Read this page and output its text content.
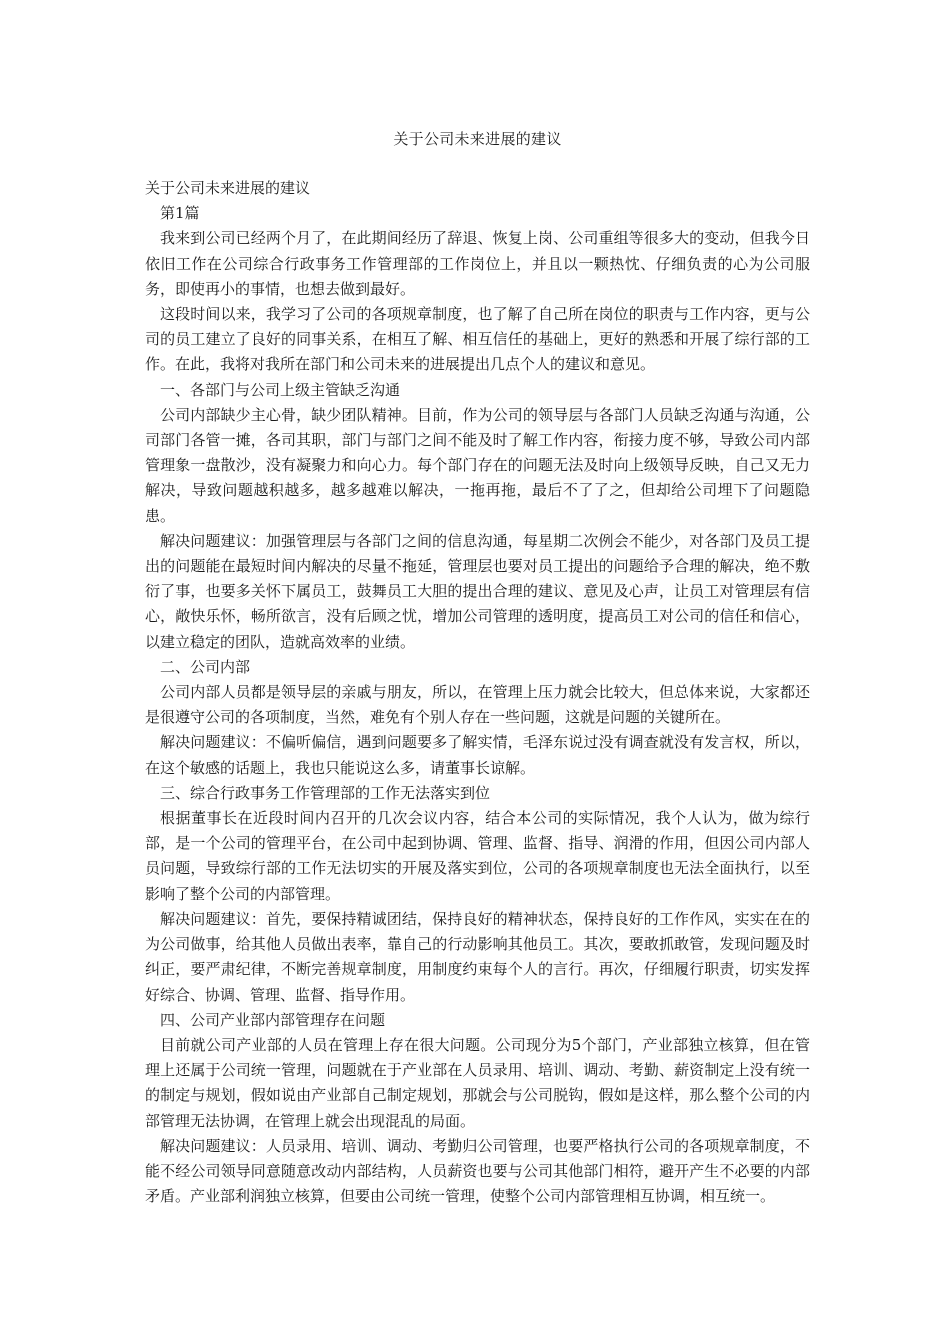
关于公司未来进展的建议

关于公司未来进展的建议

第1篇

我来到公司已经两个月了，在此期间经历了辞退、恢复上岗、公司重组等很多大的变动，但我今日依旧工作在公司综合行政事务工作管理部的工作岗位上，并且以一颗热忱、仔细负责的心为公司服务，即使再小的事情，也想去做到最好。

这段时间以来，我学习了公司的各项规章制度，也了解了自己所在岗位的职责与工作内容，更与公司的员工建立了良好的同事关系，在相互了解、相互信任的基础上，更好的熟悉和开展了综行部的工作。在此，我将对我所在部门和公司未来的进展提出几点个人的建议和意见。

一、各部门与公司上级主管缺乏沟通

公司内部缺少主心骨，缺少团队精神。目前，作为公司的领导层与各部门人员缺乏沟通与沟通，公司部门各管一摊，各司其职，部门与部门之间不能及时了解工作内容，衔接力度不够，导致公司内部管理象一盘散沙，没有凝聚力和向心力。每个部门存在的问题无法及时向上级领导反映，自己又无力解决，导致问题越积越多，越多越难以解决，一拖再拖，最后不了了之，但却给公司埋下了问题隐患。

解决问题建议：加强管理层与各部门之间的信息沟通，每星期二次例会不能少，对各部门及员工提出的问题能在最短时间内解决的尽量不拖延，管理层也要对员工提出的问题给予合理的解决，绝不敷衍了事，也要多关怀下属员工，鼓舞员工大胆的提出合理的建议、意见及心声，让员工对管理层有信心，敞快乐怀，畅所欲言，没有后顾之忧，增加公司管理的透明度，提高员工对公司的信任和信心，以建立稳定的团队，造就高效率的业绩。

二、公司内部

公司内部人员都是领导层的亲戚与朋友，所以，在管理上压力就会比较大，但总体来说，大家都还是很遵守公司的各项制度，当然，难免有个别人存在一些问题，这就是问题的关键所在。

解决问题建议：不偏听偏信，遇到问题要多了解实情，毛泽东说过没有调查就没有发言权，所以，在这个敏感的话题上，我也只能说这么多，请董事长谅解。

三、综合行政事务工作管理部的工作无法落实到位

根据董事长在近段时间内召开的几次会议内容，结合本公司的实际情况，我个人认为，做为综行部，是一个公司的管理平台，在公司中起到协调、管理、监督、指导、润滑的作用，但因公司内部人员问题，导致综行部的工作无法切实的开展及落实到位，公司的各项规章制度也无法全面执行，以至影响了整个公司的内部管理。

解决问题建议：首先，要保持精诚团结，保持良好的精神状态，保持良好的工作作风，实实在在的为公司做事，给其他人员做出表率，靠自己的行动影响其他员工。其次，要敢抓敢管，发现问题及时纠正，要严肃纪律，不断完善规章制度，用制度约束每个人的言行。再次，仔细履行职责，切实发挥好综合、协调、管理、监督、指导作用。

四、公司产业部内部管理存在问题

目前就公司产业部的人员在管理上存在很大问题。公司现分为5个部门，产业部独立核算，但在管理上还属于公司统一管理，问题就在于产业部在人员录用、培训、调动、考勤、薪资制定上没有统一的制定与规划，假如说由产业部自己制定规划，那就会与公司脱钩，假如是这样，那么整个公司的内部管理无法协调，在管理上就会出现混乱的局面。

解决问题建议：人员录用、培训、调动、考勤归公司管理，也要严格执行公司的各项规章制度，不能不经公司领导同意随意改动内部结构，人员薪资也要与公司其他部门相符，避开产生不必要的内部矛盾。产业部利润独立核算，但要由公司统一管理，使整个公司内部管理相互协调，相互统一。
